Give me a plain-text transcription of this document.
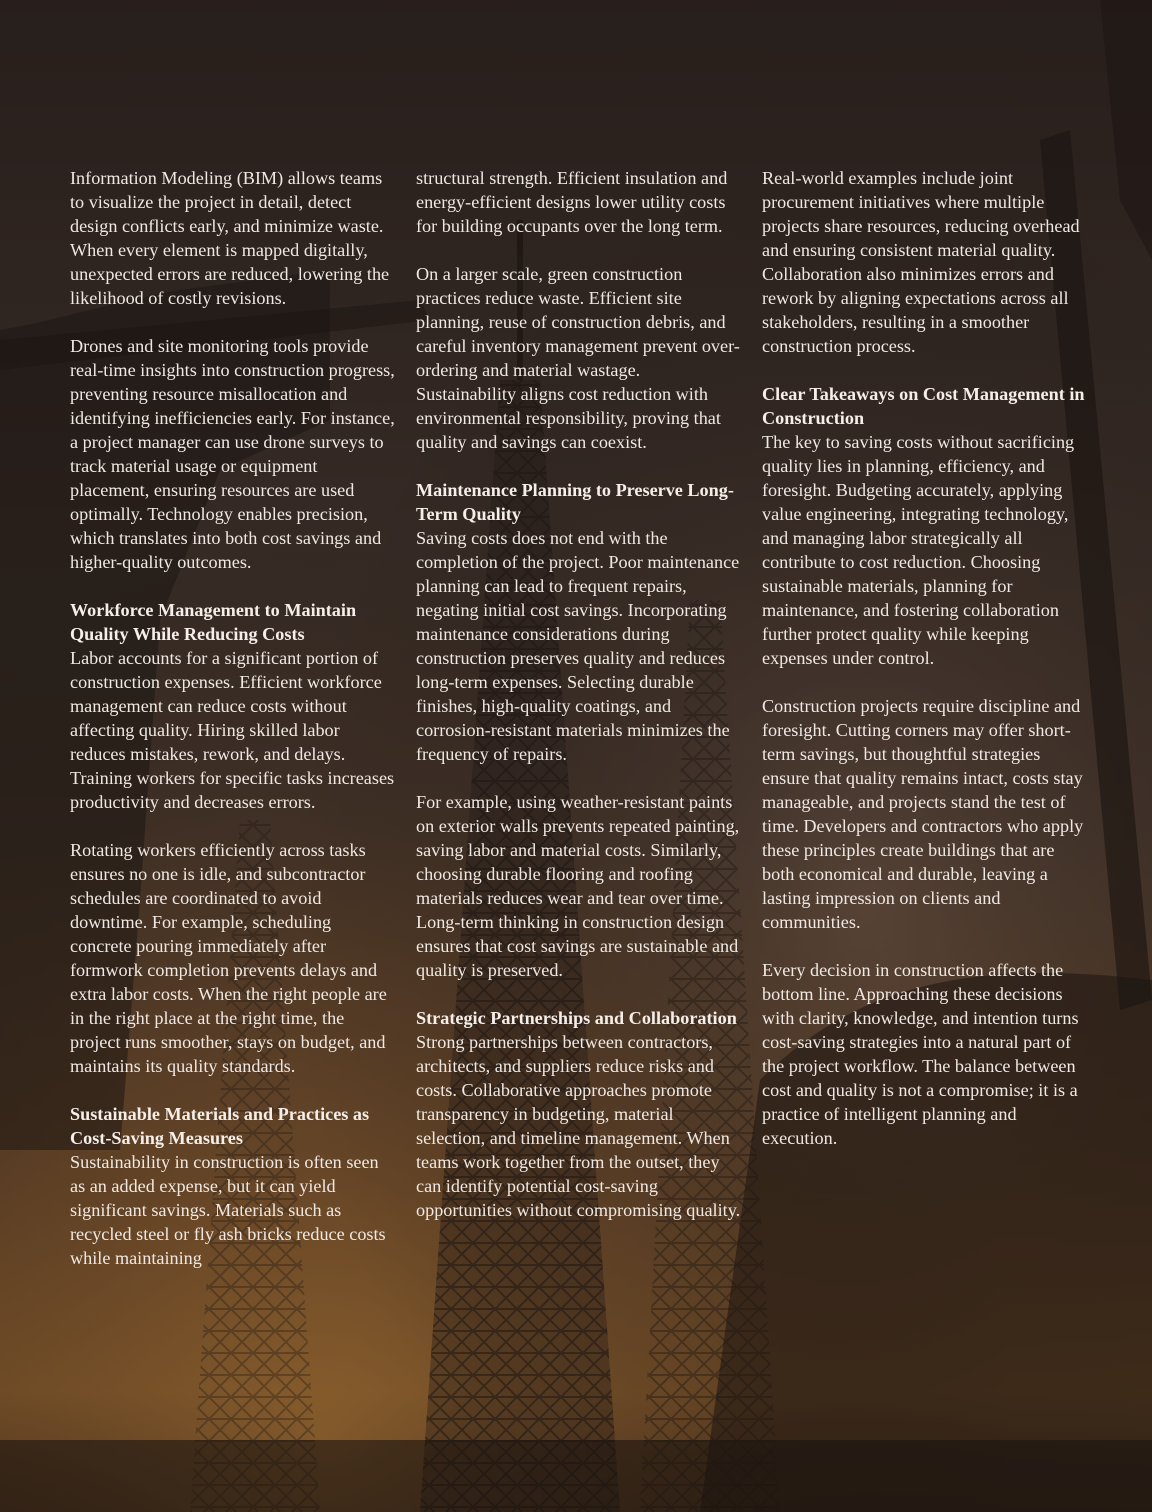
Information Modeling (BIM) allows teams to visualize the project in detail, detect design conflicts early, and minimize waste. When every element is mapped digitally, unexpected errors are reduced, lowering the likelihood of costly revisions.

Drones and site monitoring tools provide real-time insights into construction progress, preventing resource misallocation and identifying inefficiencies early. For instance, a project manager can use drone surveys to track material usage or equipment placement, ensuring resources are used optimally. Technology enables precision, which translates into both cost savings and higher-quality outcomes.

Workforce Management to Maintain Quality While Reducing Costs

Labor accounts for a significant portion of construction expenses. Efficient workforce management can reduce costs without affecting quality. Hiring skilled labor reduces mistakes, rework, and delays. Training workers for specific tasks increases productivity and decreases errors.

Rotating workers efficiently across tasks ensures no one is idle, and subcontractor schedules are coordinated to avoid downtime. For example, scheduling concrete pouring immediately after formwork completion prevents delays and extra labor costs. When the right people are in the right place at the right time, the project runs smoother, stays on budget, and maintains its quality standards.

Sustainable Materials and Practices as Cost-Saving Measures

Sustainability in construction is often seen as an added expense, but it can yield significant savings. Materials such as recycled steel or fly ash bricks reduce costs while maintaining

structural strength. Efficient insulation and energy-efficient designs lower utility costs for building occupants over the long term.

On a larger scale, green construction practices reduce waste. Efficient site planning, reuse of construction debris, and careful inventory management prevent over-ordering and material wastage. Sustainability aligns cost reduction with environmental responsibility, proving that quality and savings can coexist.

Maintenance Planning to Preserve Long-Term Quality

Saving costs does not end with the completion of the project. Poor maintenance planning can lead to frequent repairs, negating initial cost savings. Incorporating maintenance considerations during construction preserves quality and reduces long-term expenses. Selecting durable finishes, high-quality coatings, and corrosion-resistant materials minimizes the frequency of repairs.

For example, using weather-resistant paints on exterior walls prevents repeated painting, saving labor and material costs. Similarly, choosing durable flooring and roofing materials reduces wear and tear over time. Long-term thinking in construction design ensures that cost savings are sustainable and quality is preserved.

Strategic Partnerships and Collaboration

Strong partnerships between contractors, architects, and suppliers reduce risks and costs. Collaborative approaches promote transparency in budgeting, material selection, and timeline management. When teams work together from the outset, they can identify potential cost-saving opportunities without compromising quality.

Real-world examples include joint procurement initiatives where multiple projects share resources, reducing overhead and ensuring consistent material quality. Collaboration also minimizes errors and rework by aligning expectations across all stakeholders, resulting in a smoother construction process.

Clear Takeaways on Cost Management in Construction

The key to saving costs without sacrificing quality lies in planning, efficiency, and foresight. Budgeting accurately, applying value engineering, integrating technology, and managing labor strategically all contribute to cost reduction. Choosing sustainable materials, planning for maintenance, and fostering collaboration further protect quality while keeping expenses under control.

Construction projects require discipline and foresight. Cutting corners may offer short-term savings, but thoughtful strategies ensure that quality remains intact, costs stay manageable, and projects stand the test of time. Developers and contractors who apply these principles create buildings that are both economical and durable, leaving a lasting impression on clients and communities.

Every decision in construction affects the bottom line. Approaching these decisions with clarity, knowledge, and intention turns cost-saving strategies into a natural part of the project workflow. The balance between cost and quality is not a compromise; it is a practice of intelligent planning and execution.
